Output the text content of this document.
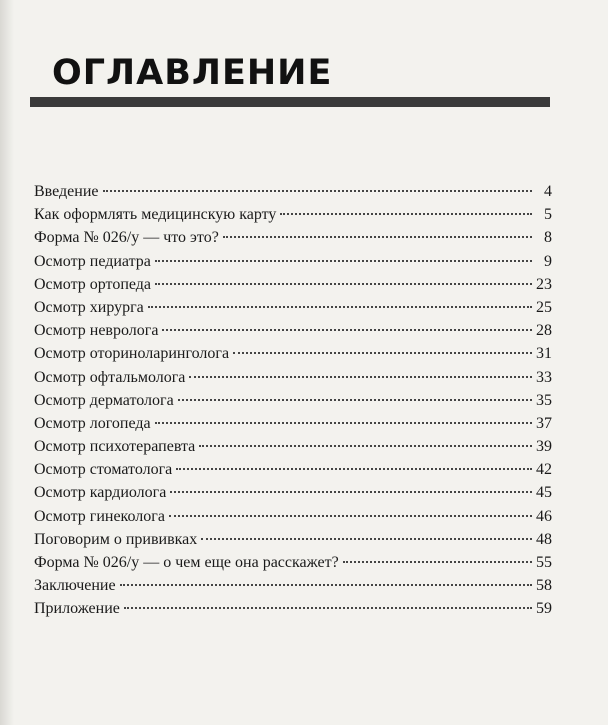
ОГЛАВЛЕНИЕ
Введение	4
Как оформлять медицинскую карту	5
Форма № 026/у — что это?	8
Осмотр педиатра	9
Осмотр ортопеда	23
Осмотр хирурга	25
Осмотр невролога	28
Осмотр оториноларинголога	31
Осмотр офтальмолога	33
Осмотр дерматолога	35
Осмотр логопеда	37
Осмотр психотерапевта	39
Осмотр стоматолога	42
Осмотр кардиолога	45
Осмотр гинеколога	46
Поговорим о прививках	48
Форма № 026/у — о чем еще она расскажет?	55
Заключение	58
Приложение	59
